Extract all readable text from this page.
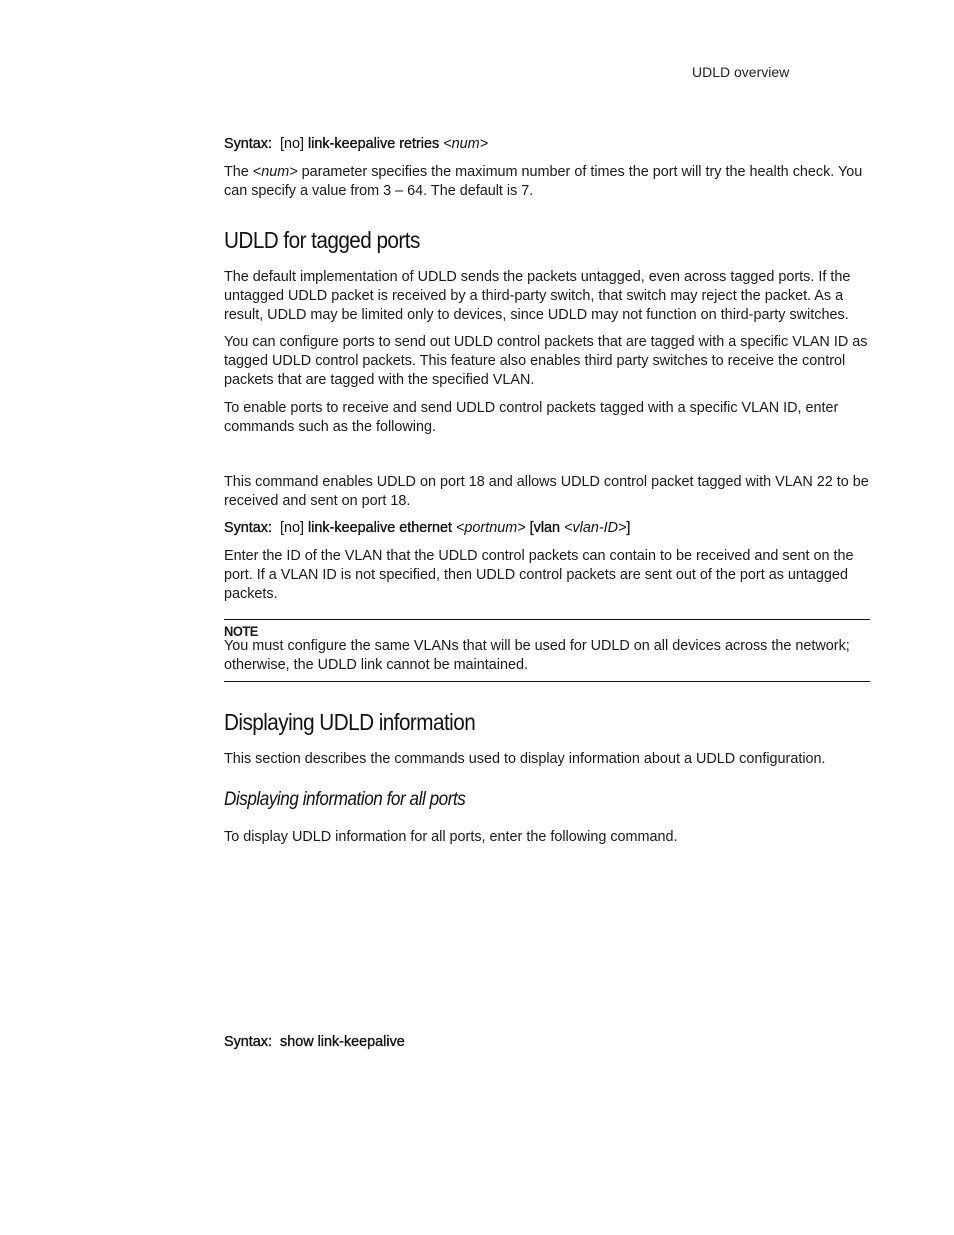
UDLD overview

Syntax: [no] link-keepalive retries <num>

The <num> parameter specifies the maximum number of times the port will try the health check. You can specify a value from 3 – 64. The default is 7.

UDLD for tagged ports

The default implementation of UDLD sends the packets untagged, even across tagged ports. If the untagged UDLD packet is received by a third-party switch, that switch may reject the packet. As a result, UDLD may be limited only to devices, since UDLD may not function on third-party switches.

You can configure ports to send out UDLD control packets that are tagged with a specific VLAN ID as tagged UDLD control packets. This feature also enables third party switches to receive the control packets that are tagged with the specified VLAN.

To enable ports to receive and send UDLD control packets tagged with a specific VLAN ID, enter commands such as the following.

This command enables UDLD on port 18 and allows UDLD control packet tagged with VLAN 22 to be received and sent on port 18.

Syntax: [no] link-keepalive ethernet <portnum> [vlan <vlan-ID>]

Enter the ID of the VLAN that the UDLD control packets can contain to be received and sent on the port. If a VLAN ID is not specified, then UDLD control packets are sent out of the port as untagged packets.

NOTE

You must configure the same VLANs that will be used for UDLD on all devices across the network; otherwise, the UDLD link cannot be maintained.

Displaying UDLD information

This section describes the commands used to display information about a UDLD configuration.

Displaying information for all ports

To display UDLD information for all ports, enter the following command.

Syntax: show link-keepalive
